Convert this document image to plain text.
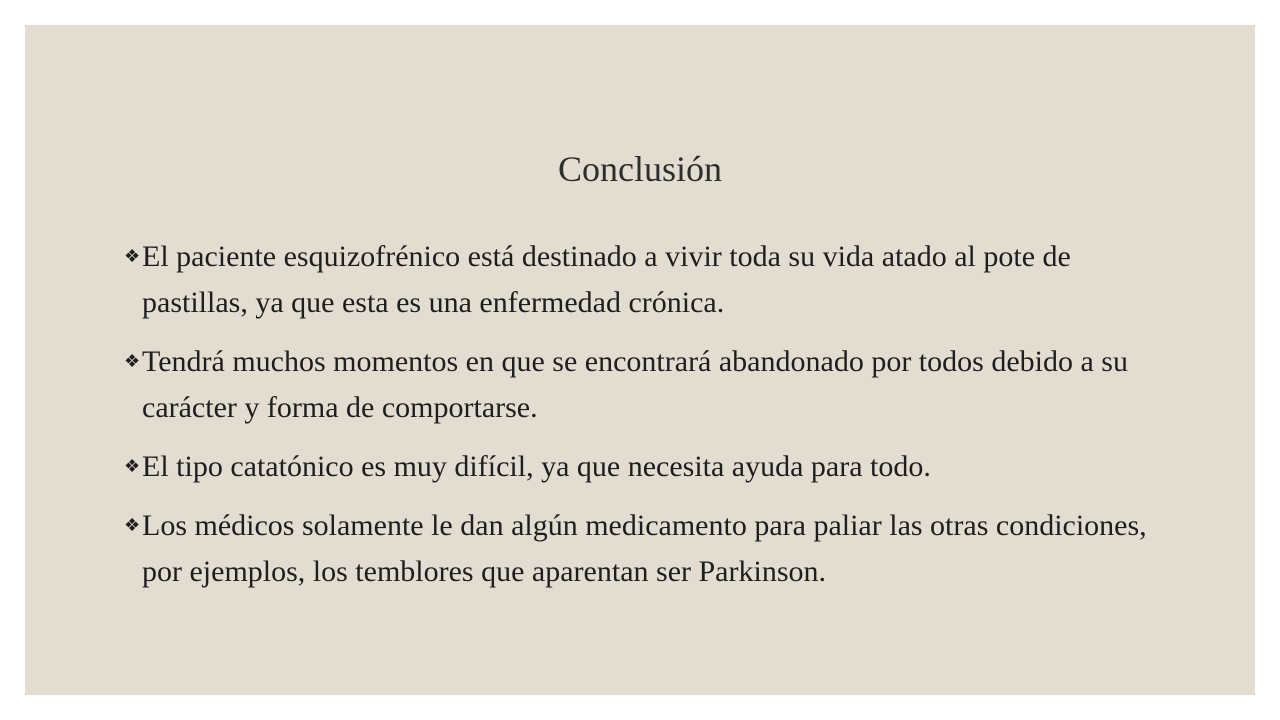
Conclusión
❖El paciente esquizofrénico está destinado a vivir toda su vida atado al pote de pastillas, ya que esta es una enfermedad crónica.
❖Tendrá muchos momentos en que se encontrará abandonado por todos debido a su carácter y forma de comportarse.
❖El tipo catatónico es muy difícil, ya que necesita ayuda para todo.
❖Los médicos solamente le dan algún medicamento para paliar las otras condiciones, por ejemplos, los temblores que aparentan ser Parkinson.
